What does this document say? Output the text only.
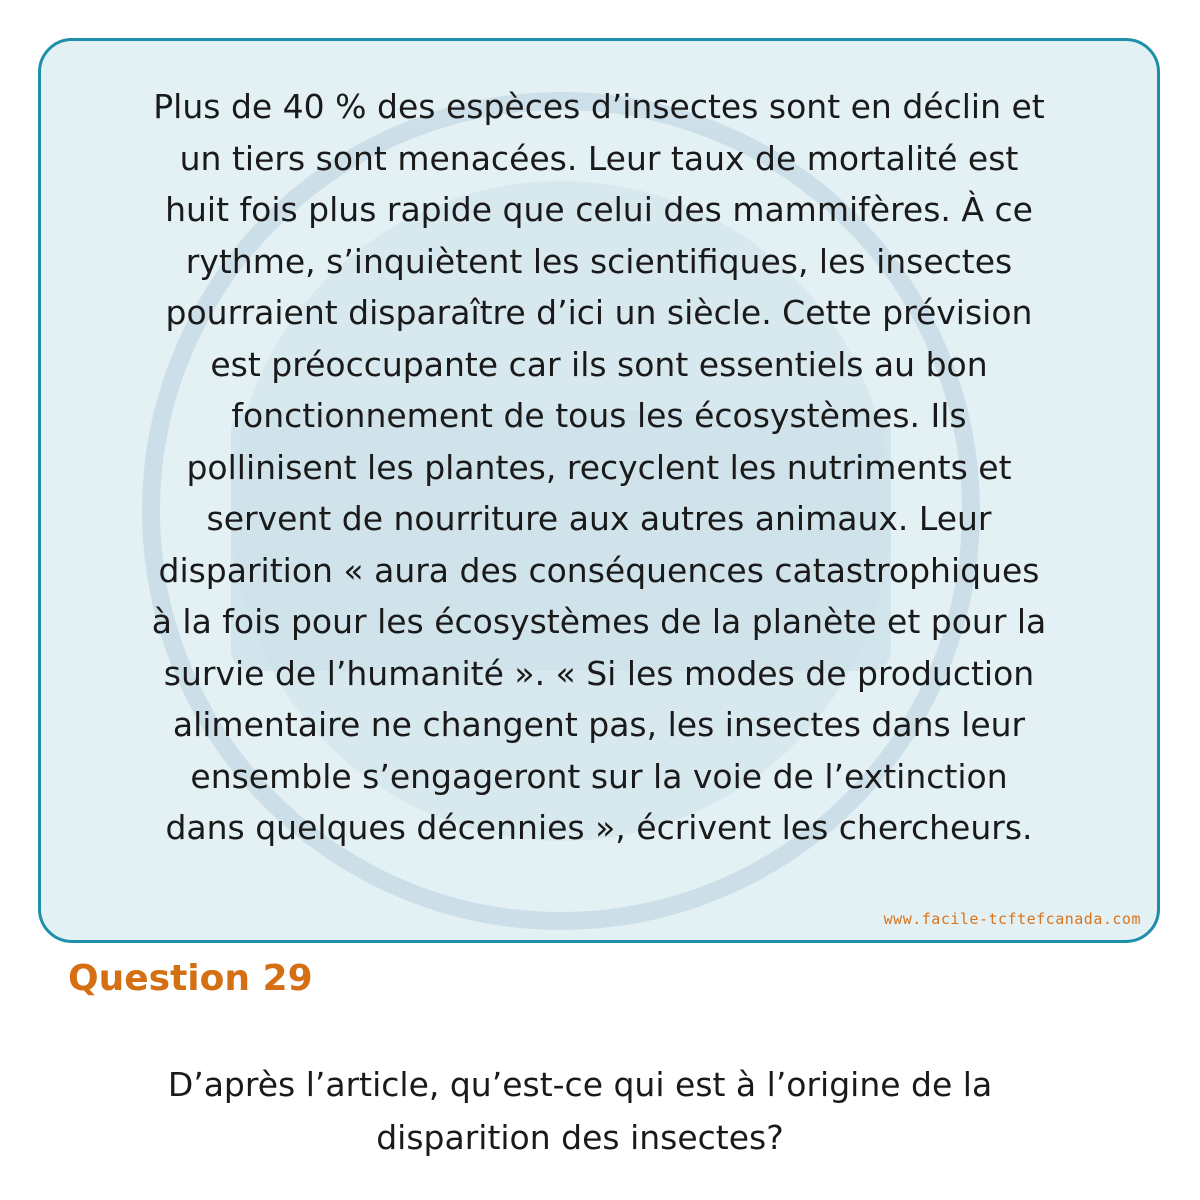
Plus de 40 % des espèces d’insectes sont en déclin et
un tiers sont menacées. Leur taux de mortalité est
huit fois plus rapide que celui des mammifères. À ce
rythme, s’inquiètent les scientifiques, les insectes
pourraient disparaître d’ici un siècle. Cette prévision
est préoccupante car ils sont essentiels au bon
fonctionnement de tous les écosystèmes. Ils
pollinisent les plantes, recyclent les nutriments et
servent de nourriture aux autres animaux. Leur
disparition « aura des conséquences catastrophiques
à la fois pour les écosystèmes de la planète et pour la
survie de l’humanité ». « Si les modes de production
alimentaire ne changent pas, les insectes dans leur
ensemble s’engageront sur la voie de l’extinction
dans quelques décennies », écrivent les chercheurs.

www.facile-tcftefcanada.com
Question 29

D’après l’article, qu’est-ce qui est à l’origine de la
disparition des insectes?
